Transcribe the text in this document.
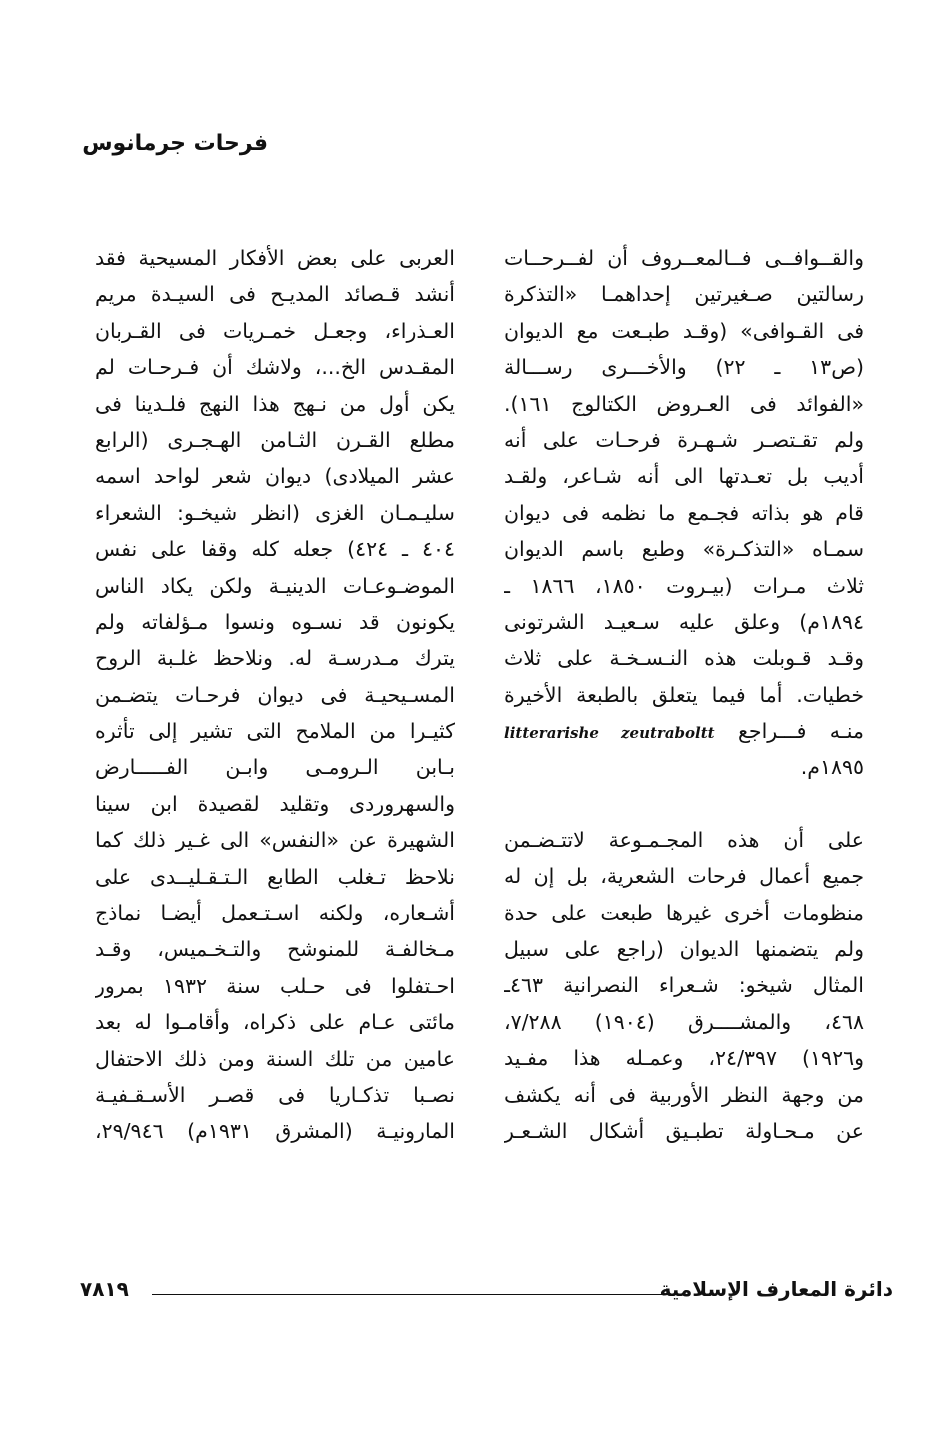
فرحات جرمانوس
والقــوافــى فــالمعــروف أن لفــرحــات
رسالتين صـغيرتين إحداهمـا «التذكرة
فى القـوافى» (وقـد طبـعت مع الديوان
(ص١٣ ـ ٢٢) والأخـــرى رســـالة
«الفوائد فى العـروض الكتالوج ١٦١).
ولم تقـتصـر شـهـرة فرحـات على أنه
أديب بل تعـدتها الى أنه شـاعر، ولقـد
قام هو بذاته فجـمع ما نظمه فى ديوان
سمـاه «التذكـرة» وطبع باسم الديوان
ثلاث مـرات (بيـروت ١٨٥٠، ١٨٦٦ ـ
١٨٩٤م) وعلق عليه سـعيـد الشرتونى
وقـد قـوبلت هذه النـسـخـة على ثلاث
خطيات. أما فيما يتعلق بالطبعة الأخيرة
منـه فـــراجع litterarishe zeutraboltt
١٨٩٥م.
على أن هذه المجـمـوعة لاتتـضـمن
جميع أعمال فرحات الشعرية، بل إن له
منظومات أخرى غيرها طبعت على حدة
ولم يتضمنها الديوان (راجع على سبيل
المثال شيخو: شـعراء النصرانية ٤٦٣ـ
٤٦٨، والمشــــرق (١٩٠٤) ٧/٢٨٨،
و١٩٢٦) ٢٤/٣٩٧، وعمـله هذا مفـيد
من وجهة النظر الأوربية فى أنه يكشف
عن مـحـاولة تطبـيق أشكال الشـعـر
العربى على بعض الأفكار المسيحية فقد
أنشد قـصائد المديـح فى السيـدة مريم
العـذراء، وجعـل خمـريات فى القـربان
المقـدس الخ...، ولاشك أن فـرحـات لم
يكن أول من نـهج هذا النهج فلـدينا فى
مطلع القـرن الثـامن الهـجـرى (الرابع
عشر الميلادى) ديوان شعر لواحد اسمه
سليـمـان الغزى (انظر شيخـو: الشعراء
٤٠٤ ـ ٤٢٤) جعله كله وقفا على نفس
الموضـوعـات الدينيـة ولكن يكاد الناس
يكونون قد نسـوه ونسوا مـؤلفاته ولم
يترك مـدرسـة له. ونلاحظ غلـبة الروح
المسـيحيـة فى ديوان فرحـات يتضـمن
كثيـرا من الملامح التى تشير إلى تأثره
بـابن الـرومـى وابـن الفـــــارض
والسهروردى وتقليد لقصيدة ابن سينا
الشهيرة عن «النفس» الى غـير ذلك كما
نلاحظ تـغلب الطابع الـتـقـليــدى على
أشـعاره، ولكنه اسـتـعمل أيضـا نماذج
مـخالفـة للمنوشح والتـخـميس، وقـد
احـتفلوا فى حـلب سنة ١٩٣٢ بمرور
مائتى عـام على ذكراه، وأقامـوا له بعد
عامين من تلك السنة ومن ذلك الاحتفال
نصـبا تذكـاريا فى قصـر الأسـقـفيـة
المارونيـة (المشرق ١٩٣١م) ٢٩/٩٤٦،
دائرة المعارف الإسلامية
٧٨١٩
